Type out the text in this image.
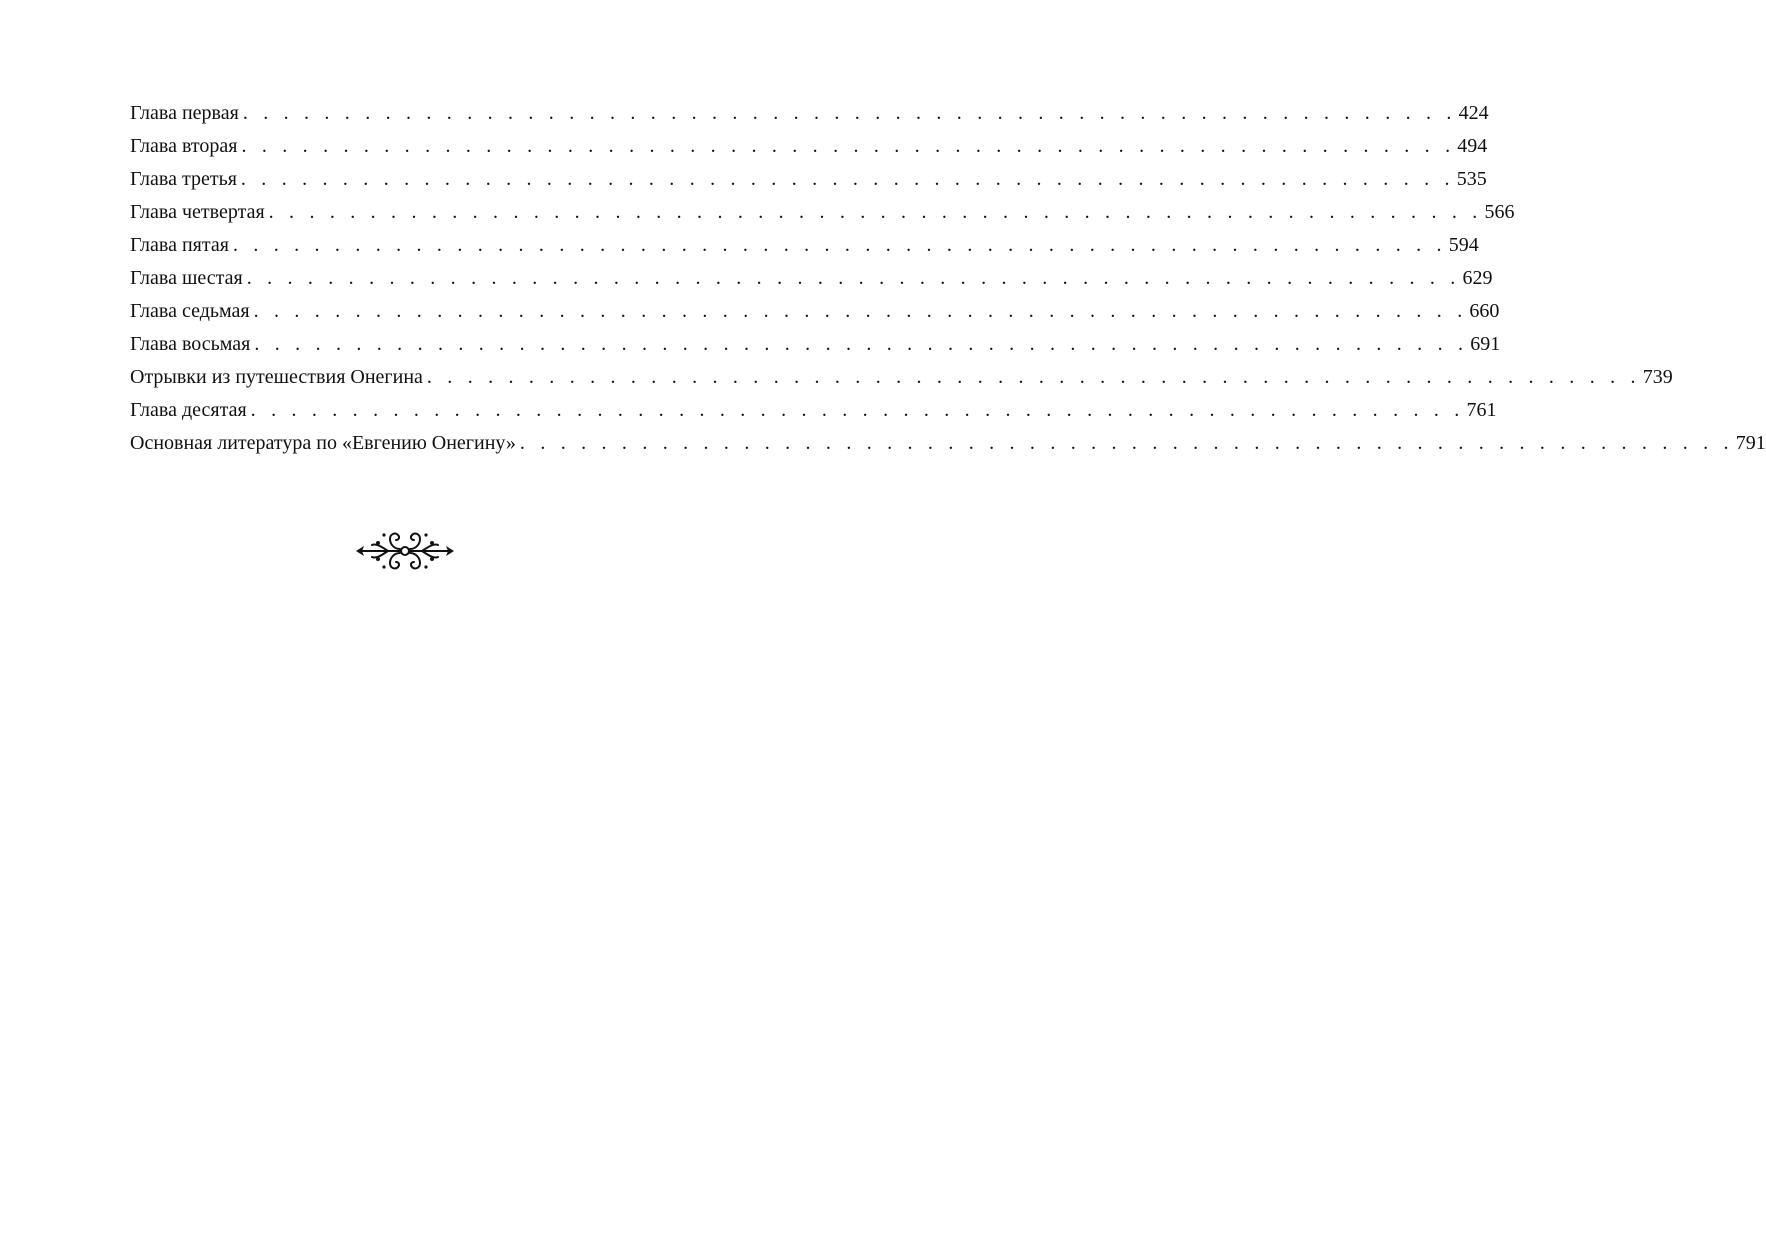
Глава первая . . . . . . . . . . . . . . . . . . . . . . . . . . . . . . . . . . . . . . . . . . . . . . . . . . . . . . . . . . . . 424
Глава вторая . . . . . . . . . . . . . . . . . . . . . . . . . . . . . . . . . . . . . . . . . . . . . . . . . . . . . . . . . . . . 494
Глава третья . . . . . . . . . . . . . . . . . . . . . . . . . . . . . . . . . . . . . . . . . . . . . . . . . . . . . . . . . . . . 535
Глава четвертая . . . . . . . . . . . . . . . . . . . . . . . . . . . . . . . . . . . . . . . . . . . . . . . . . . . . . . . . . . . . 566
Глава пятая . . . . . . . . . . . . . . . . . . . . . . . . . . . . . . . . . . . . . . . . . . . . . . . . . . . . . . . . . . . . 594
Глава шестая . . . . . . . . . . . . . . . . . . . . . . . . . . . . . . . . . . . . . . . . . . . . . . . . . . . . . . . . . . . . 629
Глава седьмая . . . . . . . . . . . . . . . . . . . . . . . . . . . . . . . . . . . . . . . . . . . . . . . . . . . . . . . . . . . . 660
Глава восьмая . . . . . . . . . . . . . . . . . . . . . . . . . . . . . . . . . . . . . . . . . . . . . . . . . . . . . . . . . . . . 691
Отрывки из путешествия Онегина . . . . . . . . . . . . . . . . . . . . . . . . . . . . . . . . . . . . . . . . . . . . . . . . . . . . . . . . . . . . 739
Глава десятая . . . . . . . . . . . . . . . . . . . . . . . . . . . . . . . . . . . . . . . . . . . . . . . . . . . . . . . . . . . . 761
Основная литература по «Евгению Онегину» . . . . . . . . . . . . . . . . . . . . . . . . . . . . . . . . . . . . . . . . . . . . . . . . . . . . . . . . . . . . 791
